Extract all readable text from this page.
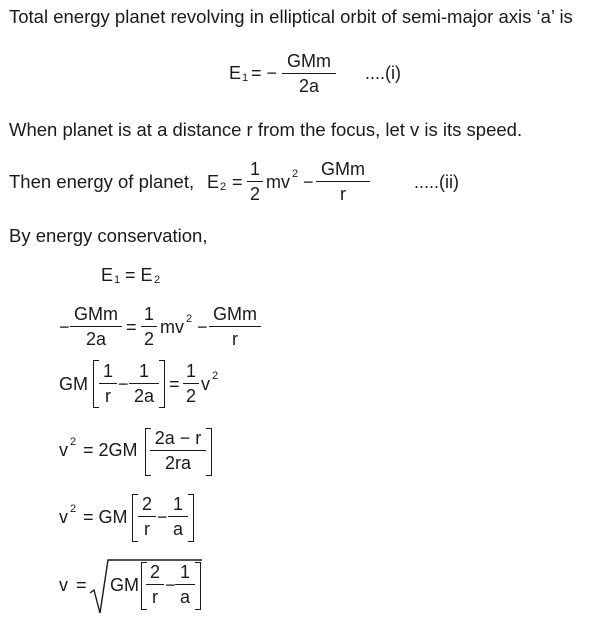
Total energy planet revolving in elliptical orbit of semi-major axis ‘a’ is
E 1 = −
GMm
2a
....(i)
When planet is at a distance r from the focus, let v is its speed.
Then energy of planet, E 2 =
1
2
mv 2 −
GMm
r
.....(ii)
By energy conservation,
E 1 = E 2
−
GMm
2a
=
1
2
mv 2 −
GMm
r
GM
1
r
−
1
2a
=
1
2
v 2
v 2 = 2GM
2a − r
2ra
v 2 = GM
2
r
−
1
a
v = GM
2
r
−
1
a
